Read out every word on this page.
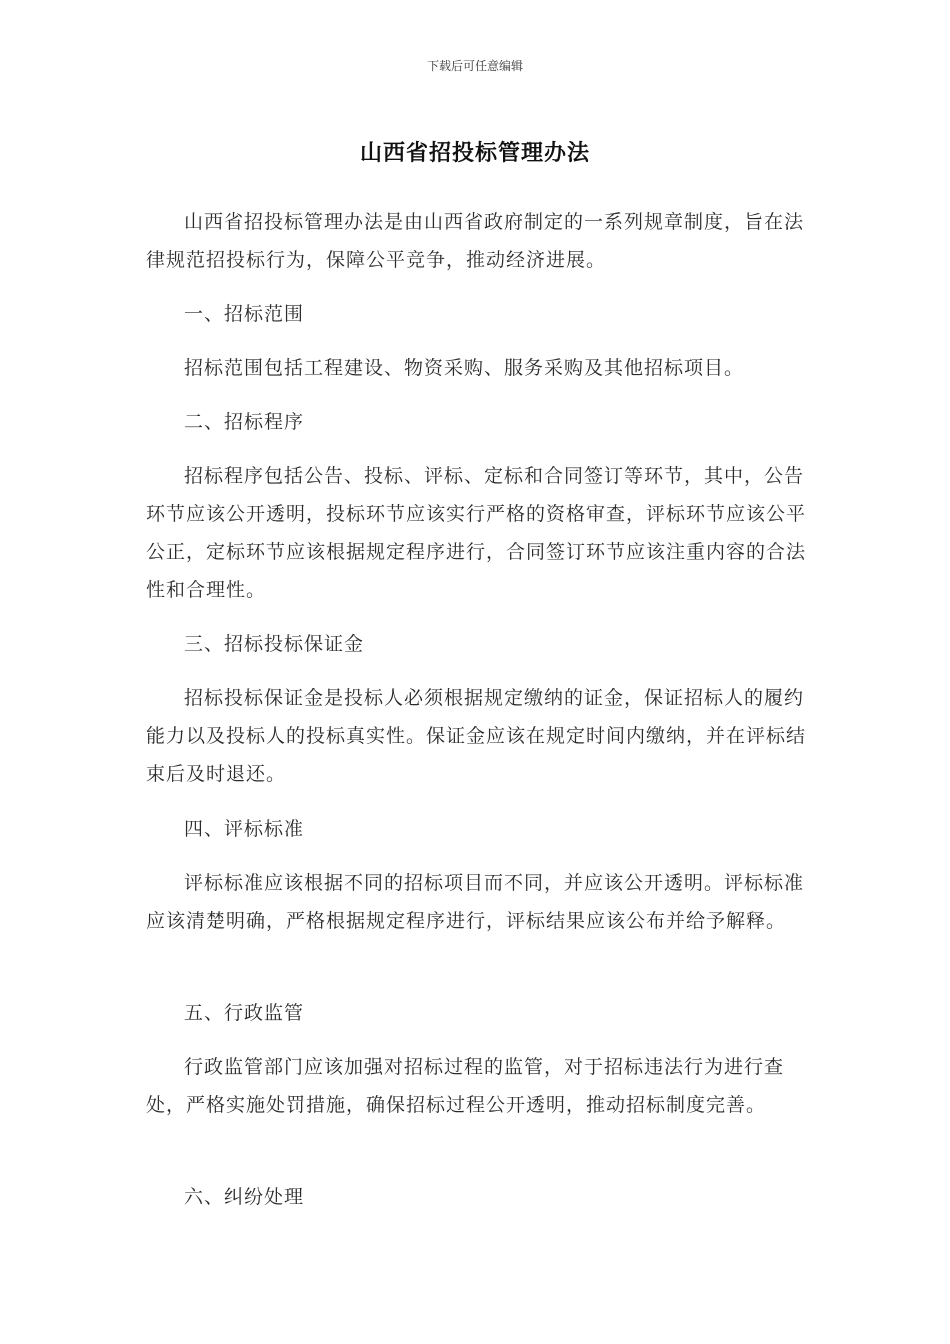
下载后可任意编辑
山西省招投标管理办法

山西省招投标管理办法是由山西省政府制定的一系列规章制度，旨在法律规范招投标行为，保障公平竞争，推动经济进展。

一、招标范围

招标范围包括工程建设、物资采购、服务采购及其他招标项目。

二、招标程序

招标程序包括公告、投标、评标、定标和合同签订等环节，其中，公告环节应该公开透明，投标环节应该实行严格的资格审查，评标环节应该公平公正，定标环节应该根据规定程序进行，合同签订环节应该注重内容的合法性和合理性。

三、招标投标保证金

招标投标保证金是投标人必须根据规定缴纳的证金，保证招标人的履约能力以及投标人的投标真实性。保证金应该在规定时间内缴纳，并在评标结束后及时退还。

四、评标标准

评标标准应该根据不同的招标项目而不同，并应该公开透明。评标标准应该清楚明确，严格根据规定程序进行，评标结果应该公布并给予解释。

五、行政监管

行政监管部门应该加强对招标过程的监管，对于招标违法行为进行查处，严格实施处罚措施，确保招标过程公开透明，推动招标制度完善。

六、纠纷处理
